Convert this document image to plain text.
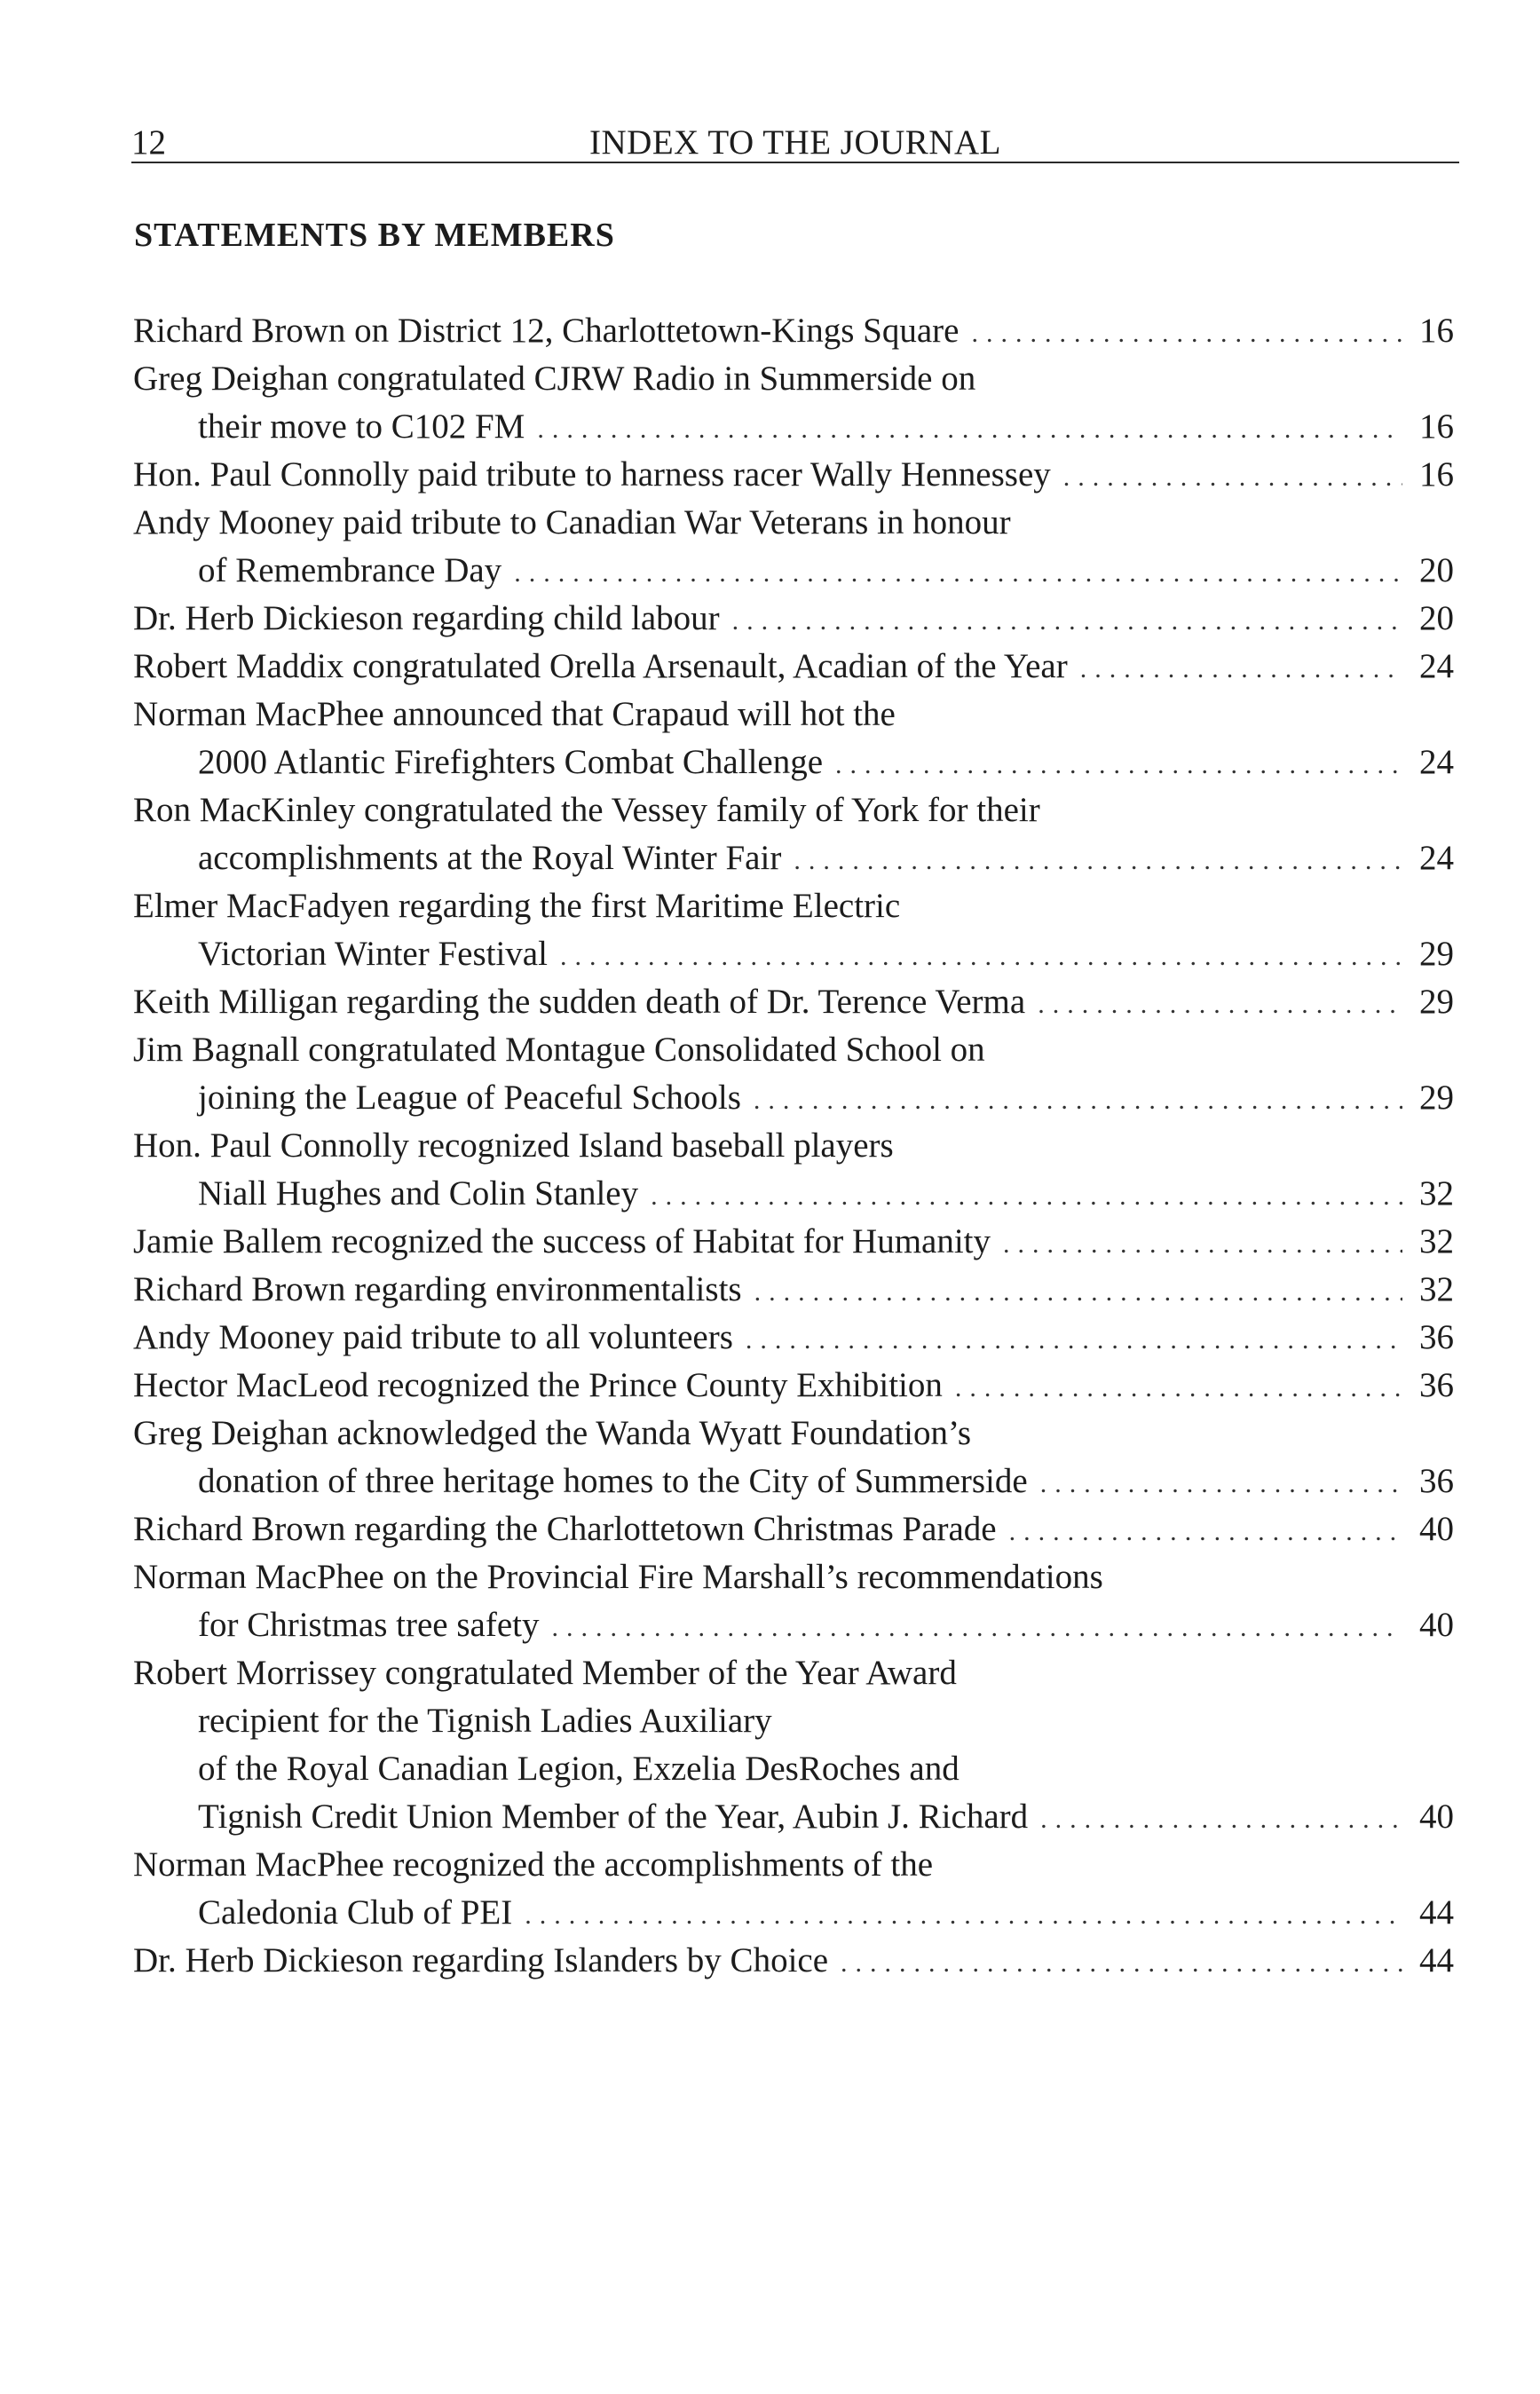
12	INDEX TO THE JOURNAL
STATEMENTS BY MEMBERS
Richard Brown on District 12, Charlottetown-Kings Square .....	16
Greg Deighan congratulated CJRW Radio in Summerside on
their move to C102 FM .....	16
Hon. Paul Connolly paid tribute to harness racer Wally Hennessey .....	16
Andy Mooney paid tribute to Canadian War Veterans in honour
of Remembrance Day .....	20
Dr. Herb Dickieson regarding child labour .....	20
Robert Maddix congratulated Orella Arsenault, Acadian of the Year .....	24
Norman MacPhee announced that Crapaud will hot the
2000 Atlantic Firefighters Combat Challenge .....	24
Ron MacKinley congratulated the Vessey family of York for their
accomplishments at the Royal Winter Fair .....	24
Elmer MacFadyen regarding the first Maritime Electric
Victorian Winter Festival .....	29
Keith Milligan regarding the sudden death of Dr. Terence Verma .....	29
Jim Bagnall congratulated Montague Consolidated School on
joining the League of Peaceful Schools .....	29
Hon. Paul Connolly recognized Island baseball players
Niall Hughes and Colin Stanley .....	32
Jamie Ballem recognized the success of Habitat for Humanity .....	32
Richard Brown regarding environmentalists .....	32
Andy Mooney paid tribute to all volunteers .....	36
Hector MacLeod recognized the Prince County Exhibition .....	36
Greg Deighan acknowledged the Wanda Wyatt Foundation’s
donation of three heritage homes to the City of Summerside .....	36
Richard Brown regarding the Charlottetown Christmas Parade .....	40
Norman MacPhee on the Provincial Fire Marshall’s recommendations
for Christmas tree safety .....	40
Robert Morrissey congratulated Member of the Year Award
recipient for the Tignish Ladies Auxiliary
of the Royal Canadian Legion, Exzelia DesRoches and
Tignish Credit Union Member of the Year, Aubin J. Richard .....	40
Norman MacPhee recognized the accomplishments of the
Caledonia Club of PEI .....	44
Dr. Herb Dickieson regarding Islanders by Choice .....	44
